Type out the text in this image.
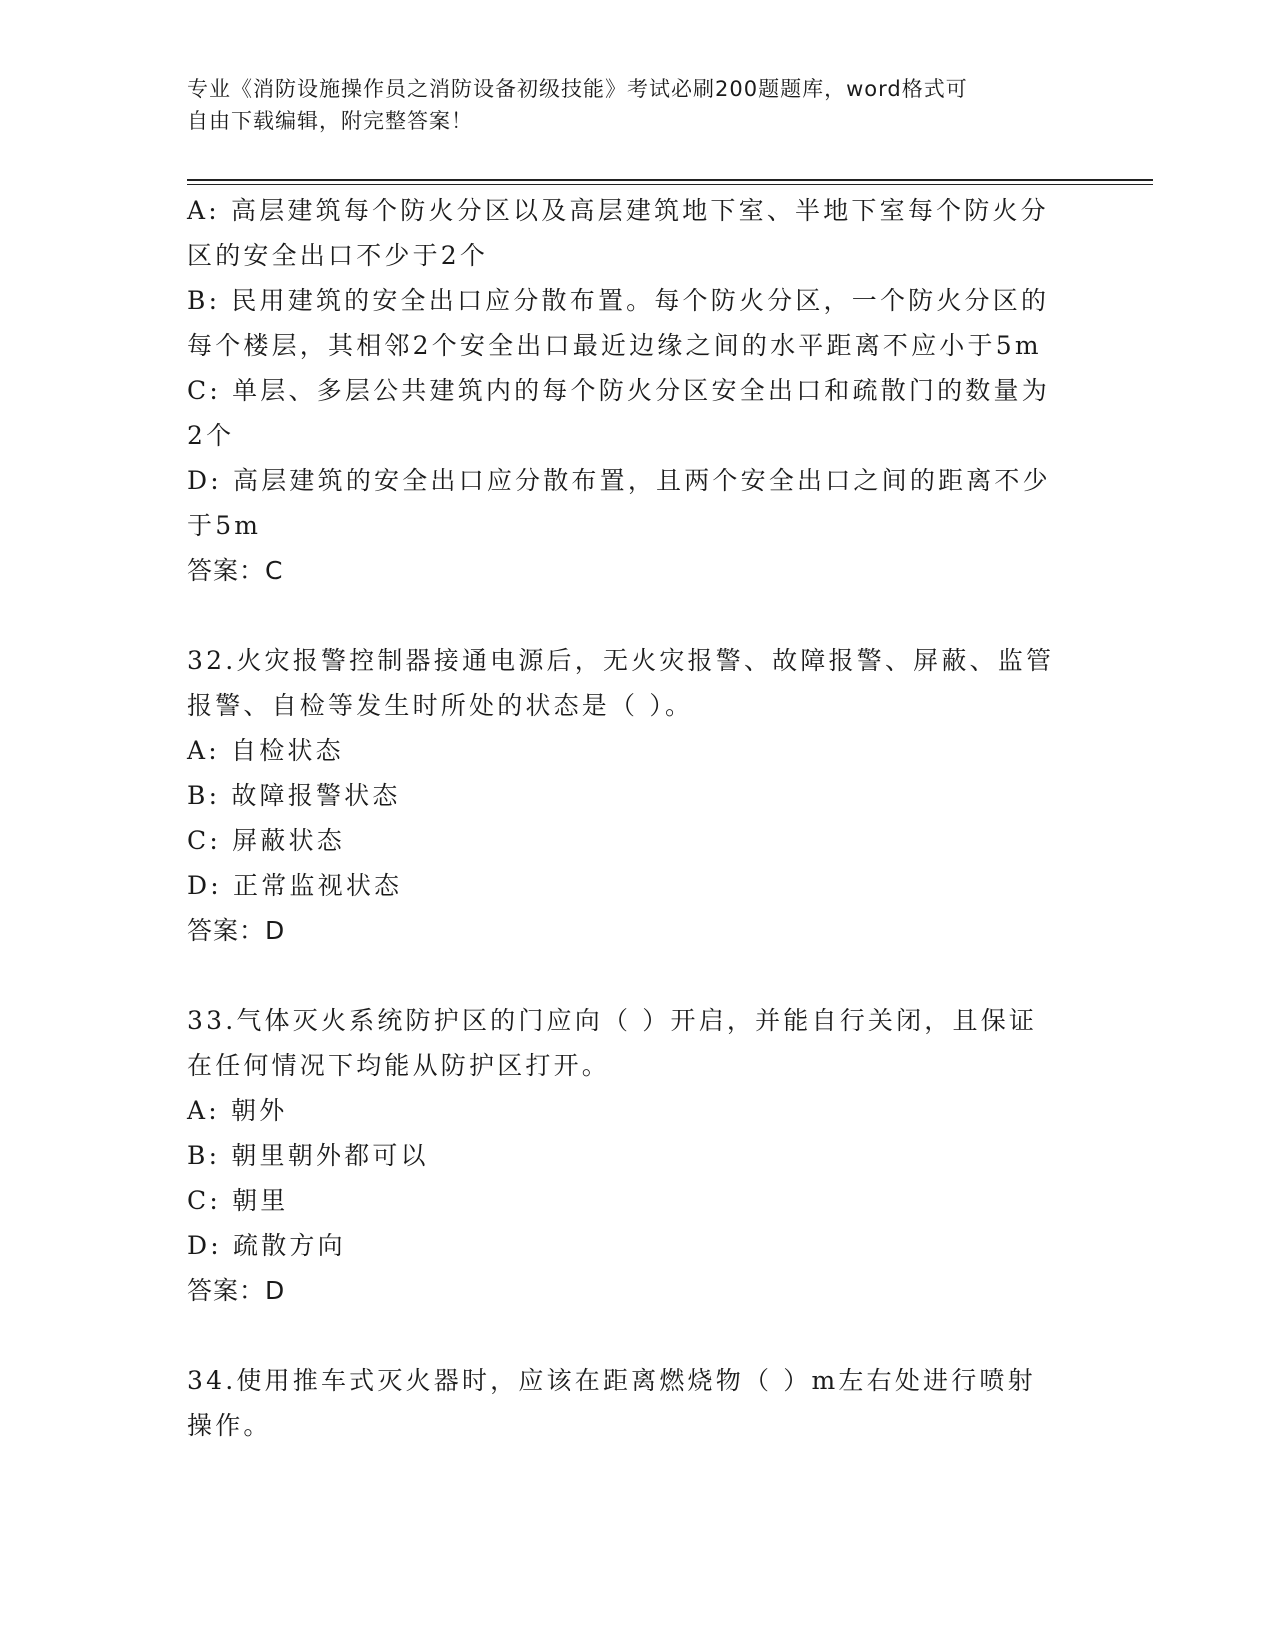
专业《消防设施操作员之消防设备初级技能》考试必刷200题题库，word格式可
自由下载编辑，附完整答案！
A: 高层建筑每个防火分区以及高层建筑地下室、半地下室每个防火分
区的安全出口不少于2个
B: 民用建筑的安全出口应分散布置。每个防火分区，一个防火分区的
每个楼层，其相邻2个安全出口最近边缘之间的水平距离不应小于5m
C: 单层、多层公共建筑内的每个防火分区安全出口和疏散门的数量为
2个
D: 高层建筑的安全出口应分散布置，且两个安全出口之间的距离不少
于5m
答案：C
32.火灾报警控制器接通电源后，无火灾报警、故障报警、屏蔽、监管
报警、自检等发生时所处的状态是（ ）。
A: 自检状态
B: 故障报警状态
C: 屏蔽状态
D: 正常监视状态
答案：D
33.气体灭火系统防护区的门应向（ ）开启，并能自行关闭，且保证
在任何情况下均能从防护区打开。
A: 朝外
B: 朝里朝外都可以
C: 朝里
D: 疏散方向
答案：D
34.使用推车式灭火器时，应该在距离燃烧物（ ）m左右处进行喷射
操作。
